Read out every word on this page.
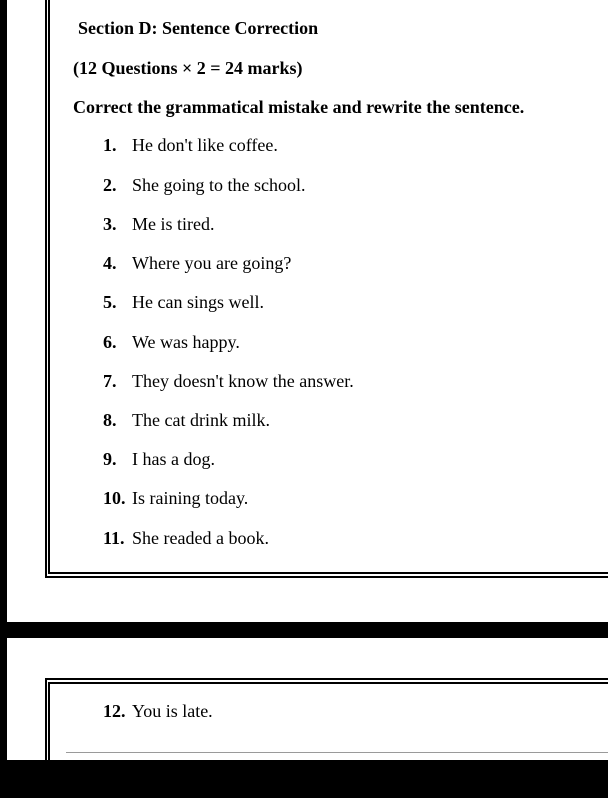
Section D: Sentence Correction
(12 Questions × 2 = 24 marks)
Correct the grammatical mistake and rewrite the sentence.
1. He don't like coffee.
2. She going to the school.
3. Me is tired.
4. Where you are going?
5. He can sings well.
6. We was happy.
7. They doesn't know the answer.
8. The cat drink milk.
9. I has a dog.
10. Is raining today.
11. She readed a book.
12. You is late.
